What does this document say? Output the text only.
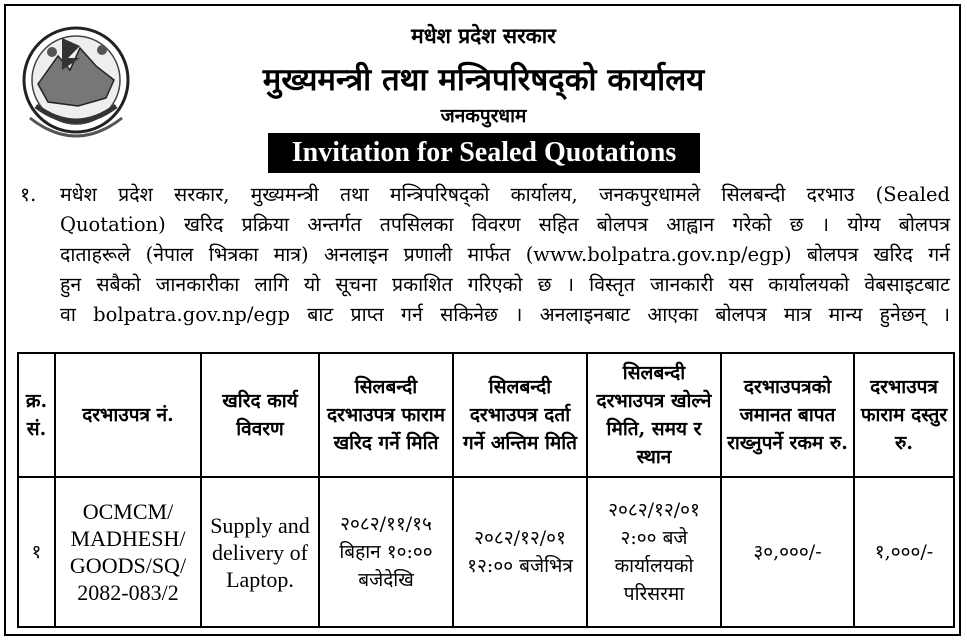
मधेश प्रदेश सरकार
मुख्यमन्त्री तथा मन्त्रिपरिषद्को कार्यालय
जनकपुरधाम
Invitation for Sealed Quotations
१.	मधेश प्रदेश सरकार, मुख्यमन्त्री तथा मन्त्रिपरिषद्को कार्यालय, जनकपुरधामले सिलबन्दी दरभाउ (Sealed
Quotation) खरिद प्रक्रिया अन्तर्गत तपसिलका विवरण सहित बोलपत्र आह्वान गरेको छ । योग्य बोलपत्र
दाताहरूले (नेपाल भित्रका मात्र) अनलाइन प्रणाली मार्फत (www.bolpatra.gov.np/egp) बोलपत्र खरिद गर्न
हुन सबैको जानकारीका लागि यो सूचना प्रकाशित गरिएको छ । विस्तृत जानकारी यस कार्यालयको वेबसाइटबाट
वा bolpatra.gov.np/egp बाट प्राप्त गर्न सकिनेछ । अनलाइनबाट आएका बोलपत्र मात्र मान्य हुनेछन् ।
क्र. सं.	दरभाउपत्र नं.	खरिद कार्य विवरण	सिलबन्दी दरभाउपत्र फाराम खरिद गर्ने मिति	सिलबन्दी दरभाउपत्र दर्ता गर्ने अन्तिम मिति	सिलबन्दी दरभाउपत्र खोल्ने मिति, समय र स्थान	दरभाउपत्रको जमानत बापत राख्नुपर्ने रकम रु.	दरभाउपत्र फाराम दस्तुर रु.
१	OCMCM/ MADHESH/ GOODS/SQ/ 2082-083/2	Supply and delivery of Laptop.	२०८२/११/१५ बिहान १०:०० बजेदेखि	२०८२/१२/०१ १२:०० बजेभित्र	२०८२/१२/०१ २:०० बजे कार्यालयको परिसरमा	३०,०००/-	१,०००/-
